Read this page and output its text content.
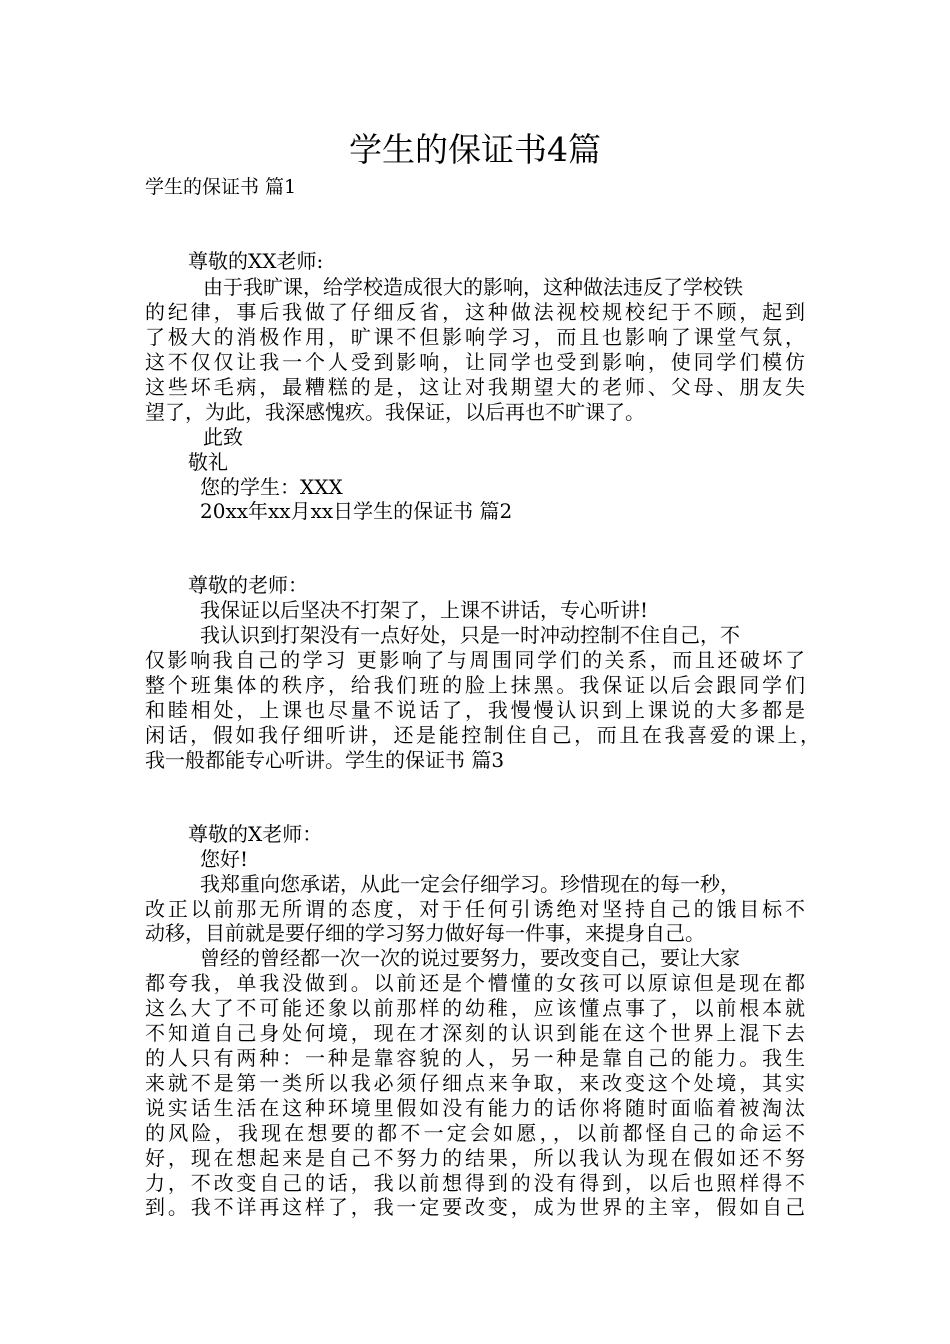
学生的保证书4篇
学生的保证书 篇1
尊敬的XX老师:
由于我旷课，给学校造成很大的影响，这种做法违反了学校铁
的纪律，事后我做了仔细反省，这种做法视校规校纪于不顾，起到
了极大的消极作用，旷课不但影响学习，而且也影响了课堂气氛，
这不仅仅让我一个人受到影响，让同学也受到影响，使同学们模仿
这些坏毛病，最糟糕的是，这让对我期望大的老师、父母、朋友失
望了，为此，我深感愧疚。我保证，以后再也不旷课了。
此致
敬礼
您的学生：XXX
20xx年xx月xx日学生的保证书 篇2
尊敬的老师：
我保证以后坚决不打架了，上课不讲话，专心听讲!
我认识到打架没有一点好处，只是一时冲动控制不住自己，不
仅影响我自己的学习 更影响了与周围同学们的关系，而且还破坏了
整个班集体的秩序，给我们班的脸上抹黑。我保证以后会跟同学们
和睦相处，上课也尽量不说话了，我慢慢认识到上课说的大多都是
闲话，假如我仔细听讲，还是能控制住自己，而且在我喜爱的课上，
我一般都能专心听讲。学生的保证书 篇3
尊敬的X老师：
您好!
我郑重向您承诺，从此一定会仔细学习。珍惜现在的每一秒，
改正以前那无所谓的态度，对于任何引诱绝对坚持自己的饿目标不
动移，目前就是要仔细的学习努力做好每一件事，来提身自己。
曾经的曾经都一次一次的说过要努力，要改变自己，要让大家
都夸我，单我没做到。以前还是个懵懂的女孩可以原谅但是现在都
这么大了不可能还象以前那样的幼稚，应该懂点事了，以前根本就
不知道自己身处何境，现在才深刻的认识到能在这个世界上混下去
的人只有两种：一种是靠容貌的人，另一种是靠自己的能力。我生
来就不是第一类所以我必须仔细点来争取，来改变这个处境，其实
说实话生活在这种环境里假如没有能力的话你将随时面临着被淘汰
的风险，我现在想要的都不一定会如愿，，以前都怪自己的命运不
好，现在想起来是自己不努力的结果，所以我认为现在假如还不努
力，不改变自己的话，我以前想得到的没有得到，以后也照样得不
到。我不详再这样了，我一定要改变，成为世界的主宰，假如自己
